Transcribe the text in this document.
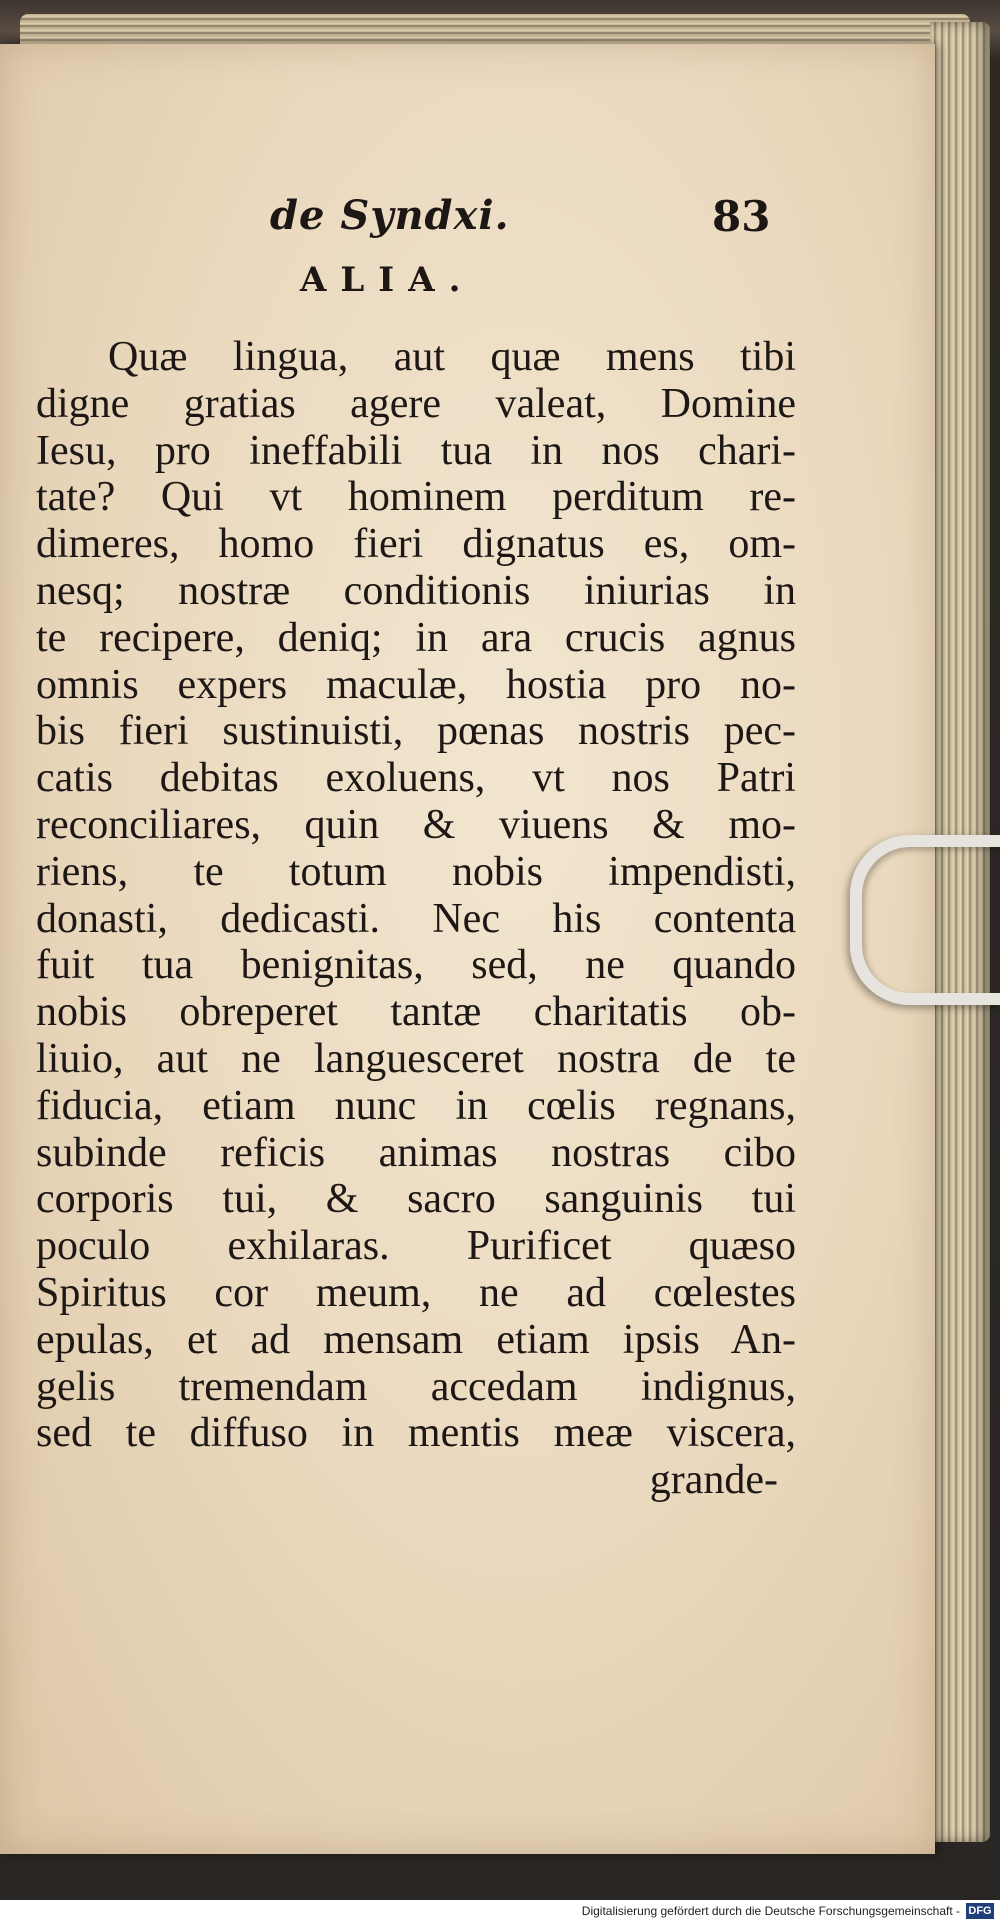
de Syndxi.	83
ALIA.
Quæ lingua, aut quæ mens tibi
digne gratias agere valeat, Domine
Iesu, pro ineffabili tua in nos chari-
tate? Qui vt hominem perditum re-
dimeres, homo fieri dignatus es, om-
nesq; nostræ conditionis iniurias in
te recipere, deniq; in ara crucis agnus
omnis expers maculæ, hostia pro no-
bis fieri sustinuisti, pœnas nostris pec-
catis debitas exoluens, vt nos Patri
reconciliares, quin & viuens & mo-
riens, te totum nobis impendisti,
donasti, dedicasti. Nec his contenta
fuit tua benignitas, sed, ne quando
nobis obreperet tantæ charitatis ob-
liuio, aut ne languesceret nostra de te
fiducia, etiam nunc in cœlis regnans,
subinde reficis animas nostras cibo
corporis tui, & sacro sanguinis tui
poculo exhilaras. Purificet quæso
Spiritus cor meum, ne ad cœlestes
epulas, et ad mensam etiam ipsis An-
gelis tremendam accedam indignus,
sed te diffuso in mentis meæ viscera,
grande-
Digitalisierung gefördert durch die Deutsche Forschungsgemeinschaft - DFG
